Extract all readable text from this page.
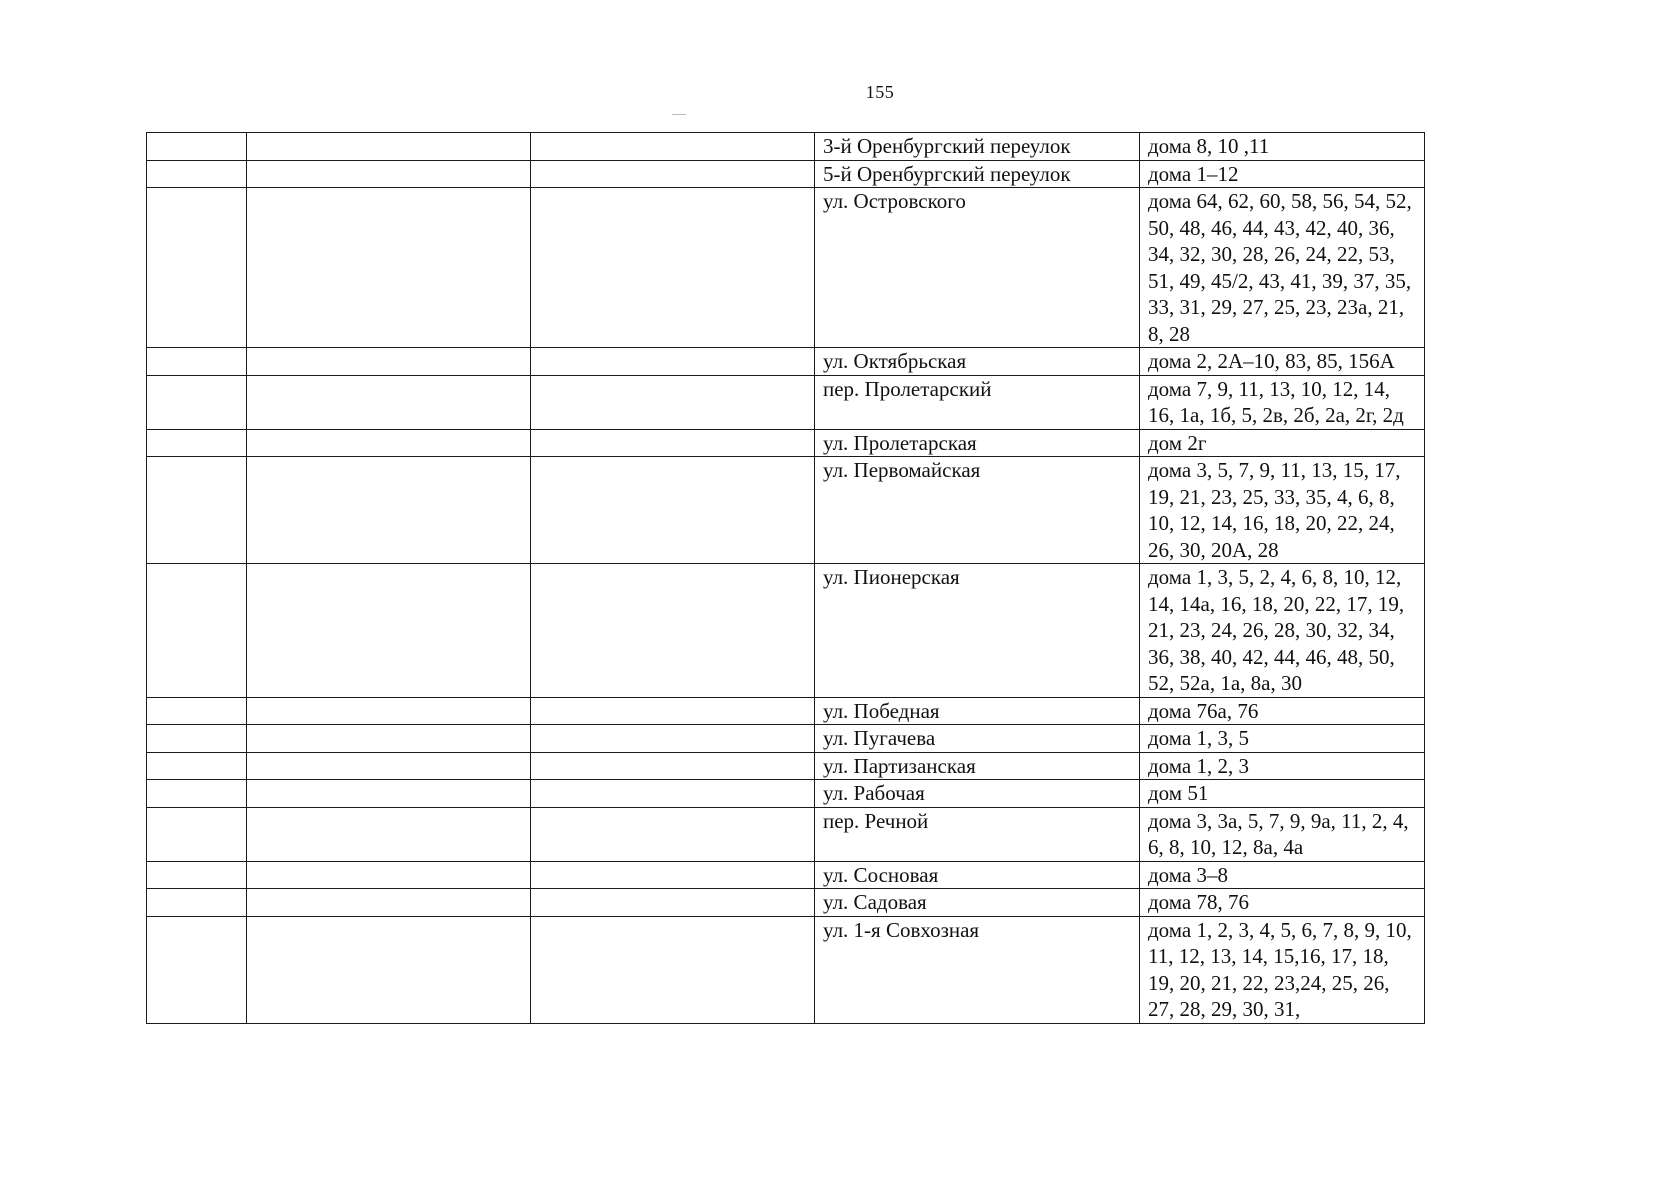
155
			3-й Оренбургский переулок	дома 8, 10 ,11
			5-й Оренбургский переулок	дома 1–12
			ул. Островского	дома 64, 62, 60, 58, 56, 54, 52, 50, 48, 46, 44, 43, 42, 40, 36, 34, 32, 30, 28, 26, 24, 22, 53, 51, 49, 45/2, 43, 41, 39, 37, 35, 33, 31, 29, 27, 25, 23, 23а, 21, 8, 28
			ул. Октябрьская	дома 2, 2А–10, 83, 85, 156А
			пер. Пролетарский	дома 7, 9, 11, 13, 10, 12, 14, 16, 1а, 1б, 5, 2в, 2б, 2а, 2г, 2д
			ул. Пролетарская	дом 2г
			ул. Первомайская	дома 3, 5, 7, 9, 11, 13, 15, 17, 19, 21, 23, 25, 33, 35, 4, 6, 8, 10, 12, 14, 16, 18, 20, 22, 24, 26, 30, 20А, 28
			ул. Пионерская	дома 1, 3, 5, 2, 4, 6, 8, 10, 12, 14, 14а, 16, 18, 20, 22, 17, 19, 21, 23, 24, 26, 28, 30, 32, 34, 36, 38, 40, 42, 44, 46, 48, 50, 52, 52а, 1а, 8а, 30
			ул. Победная	дома 76а, 76
			ул. Пугачева	дома 1, 3, 5
			ул. Партизанская	дома 1, 2, 3
			ул. Рабочая	дом 51
			пер. Речной	дома 3, 3а, 5, 7, 9, 9а, 11, 2, 4, 6, 8, 10, 12, 8а, 4а
			ул. Сосновая	дома 3–8
			ул. Садовая	дома 78, 76
			ул. 1-я Совхозная	дома 1, 2, 3, 4, 5, 6, 7, 8, 9, 10, 11, 12, 13, 14, 15,16, 17, 18, 19, 20, 21, 22, 23,24, 25, 26, 27, 28, 29, 30, 31,
